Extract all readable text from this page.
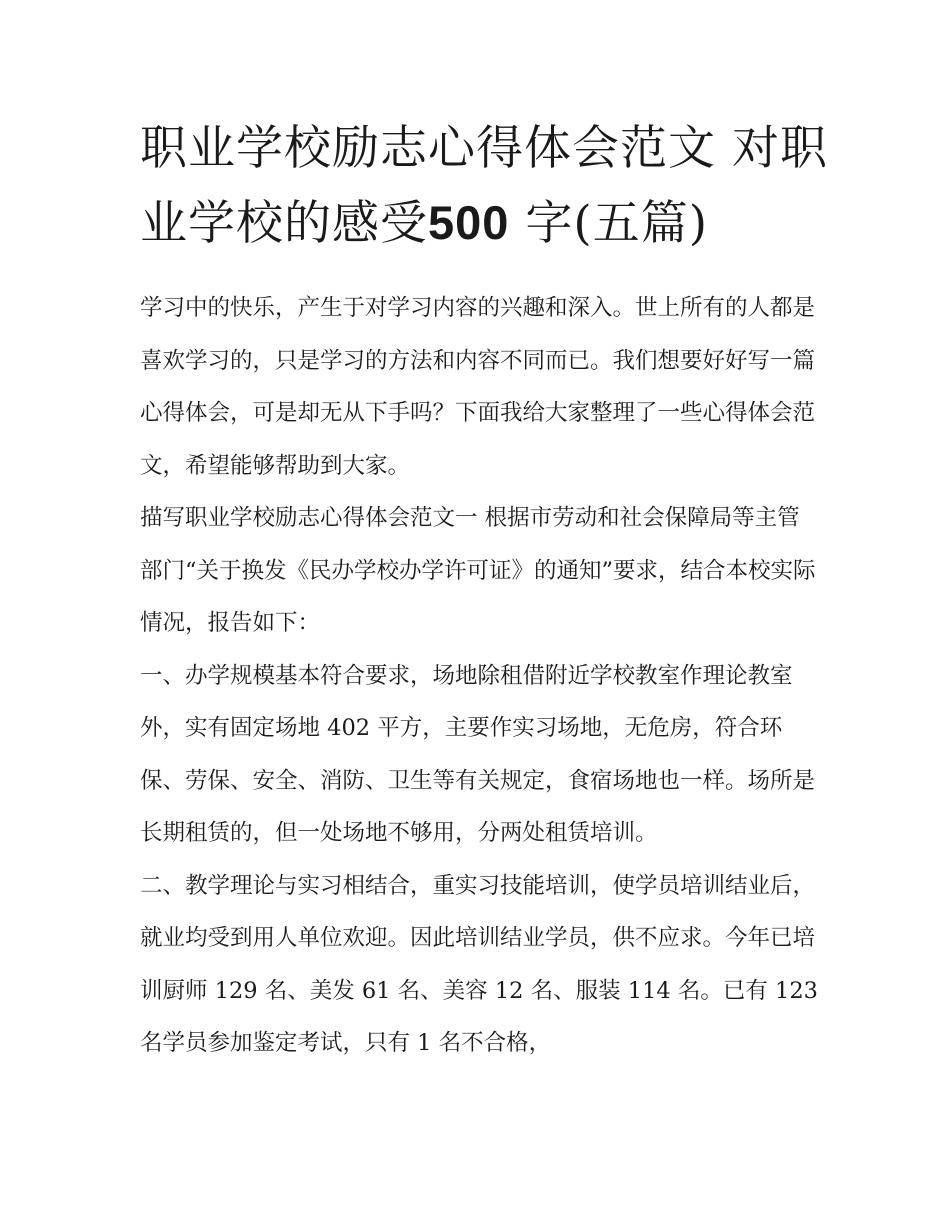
职业学校励志心得体会范文 对职业学校的感受500 字(五篇)

学习中的快乐，产生于对学习内容的兴趣和深入。世上所有的人都是喜欢学习的，只是学习的方法和内容不同而已。我们想要好好写一篇心得体会，可是却无从下手吗？下面我给大家整理了一些心得体会范文，希望能够帮助到大家。

描写职业学校励志心得体会范文一 根据市劳动和社会保障局等主管部门“关于换发《民办学校办学许可证》的通知”要求，结合本校实际情况，报告如下：

一、办学规模基本符合要求，场地除租借附近学校教室作理论教室外，实有固定场地 402 平方，主要作实习场地，无危房，符合环保、劳保、安全、消防、卫生等有关规定，食宿场地也一样。场所是长期租赁的，但一处场地不够用，分两处租赁培训。

二、教学理论与实习相结合，重实习技能培训，使学员培训结业后，就业均受到用人单位欢迎。因此培训结业学员，供不应求。今年已培训厨师 129 名、美发 61 名、美容 12 名、服装 114 名。已有 123 名学员参加鉴定考试，只有 1 名不合格，
